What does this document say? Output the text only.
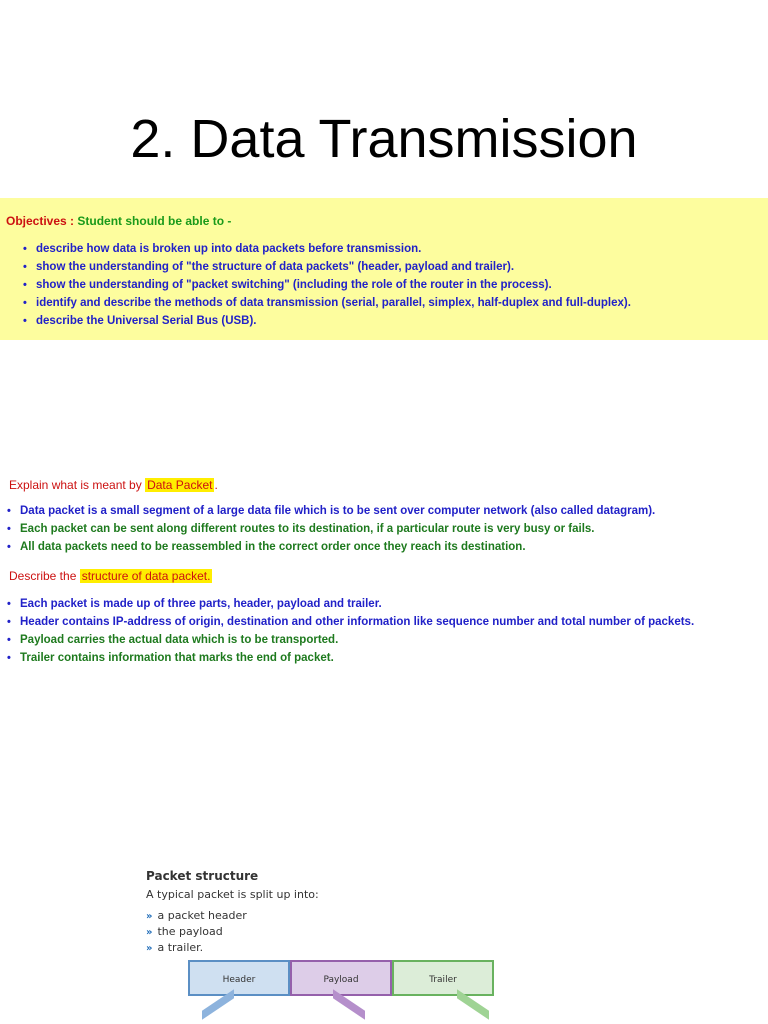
2. Data Transmission
Objectives : Student should be able to -
• describe how data is broken up into data packets before transmission.
• show the understanding of "the structure of data packets" (header, payload and trailer).
• show the understanding of "packet switching" (including the role of the router in the process).
• identify and describe the methods of data transmission (serial, parallel, simplex, half-duplex and full-duplex).
• describe the Universal Serial Bus (USB).
Explain what is meant by Data Packet .
• Data packet is a small segment of a large data file which is to be sent over computer network (also called datagram).
• Each packet can be sent along different routes to its destination, if a particular route is very busy or fails.
• All data packets need to be reassembled in the correct order once they reach its destination.
Describe the structure of data packet.
• Each packet is made up of three parts, header, payload and trailer.
• Header contains IP-address of origin, destination and other information like sequence number and total number of packets.
• Payload carries the actual data which is to be transported.
• Trailer contains information that marks the end of packet.
Packet structure
A typical packet is split up into:
» a packet header
» the payload
» a trailer.
Header	Payload	Trailer
